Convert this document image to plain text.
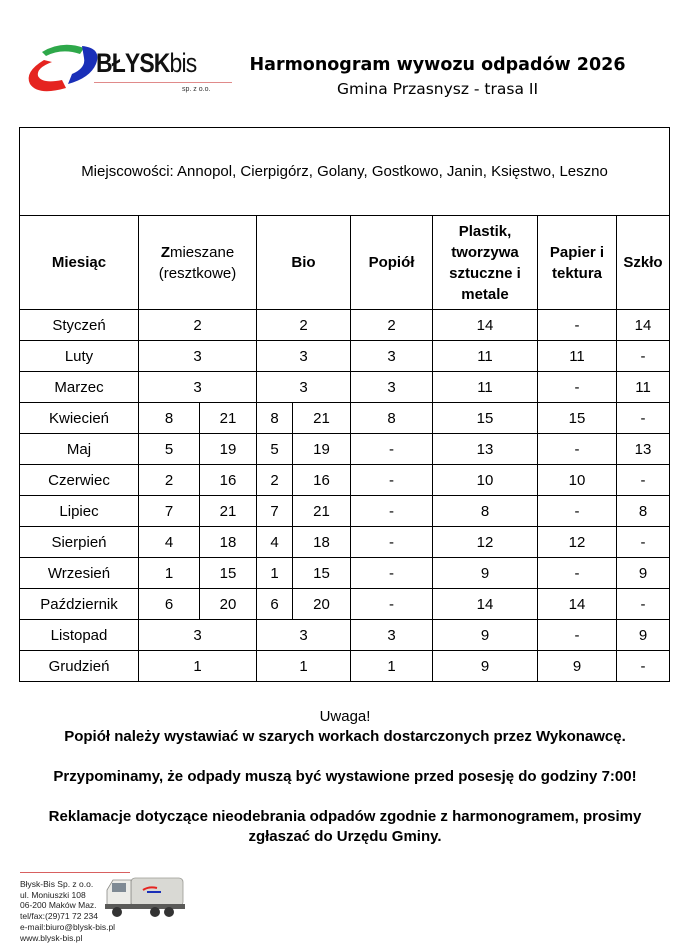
BŁYSKbis
sp. z o.o.
Harmonogram wywozu odpadów 2026
Gmina Przasnysz - trasa II
Miejscowości: Annopol, Cierpigórz, Golany, Gostkowo, Janin, Księstwo, Leszno								
Miesiąc	Zmieszane (resztkowe)		Bio		Popiół	Plastik, tworzywa sztuczne i metale	Papier i tektura	Szkło
Styczeń	2		2		2	14	-	14
Luty	3		3		3	11	11	-
Marzec	3		3		3	11	-	11
Kwiecień	8	21	8	21	8	15	15	-
Maj	5	19	5	19	-	13	-	13
Czerwiec	2	16	2	16	-	10	10	-
Lipiec	7	21	7	21	-	8	-	8
Sierpień	4	18	4	18	-	12	12	-
Wrzesień	1	15	1	15	-	9	-	9
Październik	6	20	6	20	-	14	14	-
Listopad	3		3		3	9	-	9
Grudzień	1		1		1	9	9	-

Uwaga!

Popiół należy wystawiać w szarych workach dostarczonych przez Wykonawcę.

Przypominamy, że odpady muszą być wystawione przed posesję do godziny 7:00!

Reklamacje dotyczące nieodebrania odpadów zgodnie z harmonogramem, prosimy

zgłaszać do Urzędu Gminy.

Błysk-Bis Sp. z o.o.
ul. Moniuszki 108
06-200 Maków Maz.
tel/fax:(29)71 72 234
e-mail:biuro@blysk-bis.pl
www.blysk-bis.pl
